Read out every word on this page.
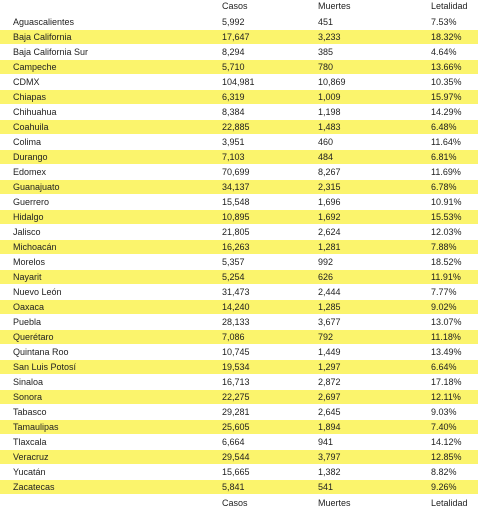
Casos	Muertes	Letalidad
Aguascalientes	5,992	451	7.53%
Baja California	17,647	3,233	18.32%
Baja California Sur	8,294	385	4.64%
Campeche	5,710	780	13.66%
CDMX	104,981	10,869	10.35%
Chiapas	6,319	1,009	15.97%
Chihuahua	8,384	1,198	14.29%
Coahuila	22,885	1,483	6.48%
Colima	3,951	460	11.64%
Durango	7,103	484	6.81%
Edomex	70,699	8,267	11.69%
Guanajuato	34,137	2,315	6.78%
Guerrero	15,548	1,696	10.91%
Hidalgo	10,895	1,692	15.53%
Jalisco	21,805	2,624	12.03%
Michoacán	16,263	1,281	7.88%
Morelos	5,357	992	18.52%
Nayarit	5,254	626	11.91%
Nuevo León	31,473	2,444	7.77%
Oaxaca	14,240	1,285	9.02%
Puebla	28,133	3,677	13.07%
Querétaro	7,086	792	11.18%
Quintana Roo	10,745	1,449	13.49%
San Luis Potosí	19,534	1,297	6.64%
Sinaloa	16,713	2,872	17.18%
Sonora	22,275	2,697	12.11%
Tabasco	29,281	2,645	9.03%
Tamaulipas	25,605	1,894	7.40%
Tlaxcala	6,664	941	14.12%
Veracruz	29,544	3,797	12.85%
Yucatán	15,665	1,382	8.82%
Zacatecas	5,841	541	9.26%
Casos	Muertes	Letalidad
